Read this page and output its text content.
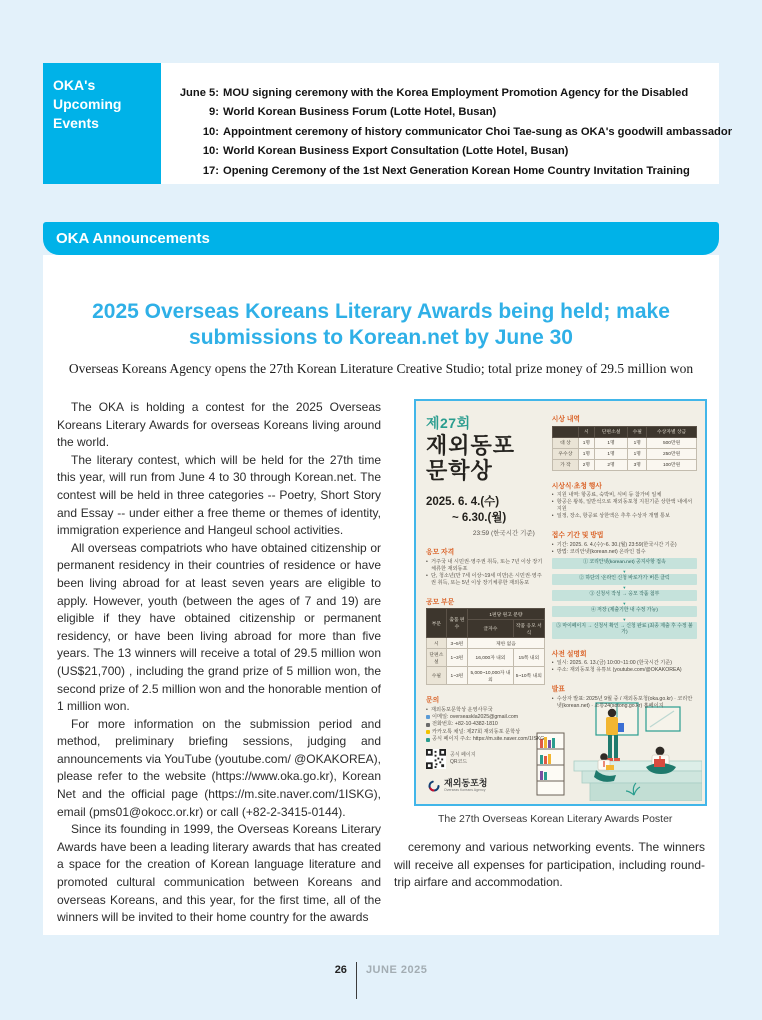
OKA's
Upcoming
Events
June 5: MOU signing ceremony with the Korea Employment Promotion Agency for the Disabled
9: World Korean Business Forum (Lotte Hotel, Busan)
10: Appointment ceremony of history communicator Choi Tae-sung as OKA's goodwill ambassador
10: World Korean Business Export Consultation (Lotte Hotel, Busan)
17: Opening Ceremony of the 1st Next Generation Korean Home Country Invitation Training
OKA Announcements
2025 Overseas Koreans Literary Awards being held; make submissions to Korean.net by June 30

Overseas Koreans Agency opens the 27th Korean Literature Creative Studio; total prize money of 29.5 million won

The OKA is holding a contest for the 2025 Overseas Koreans Literary Awards for overseas Koreans living around the world.

The literary contest, which will be held for the 27th time this year, will run from June 4 to 30 through Korean.net. The contest will be held in three categories -- Poetry, Short Story and Essay -- under either a free theme or themes of identity, immigration experience and Hangeul school activities.

All overseas compatriots who have obtained citizenship or permanent residency in their countries of residence or have been living abroad for at least seven years are eligible to apply. However, youth (between the ages of 7 and 19) are eligible if they have obtained citizenship or permanent residency, or have been living abroad for more than five years. The 13 winners will receive a total of 29.5 million won (US$21,700) , including the grand prize of 5 million won, the second prize of 2.5 million won and the honorable mention of 1 million won.

For more information on the submission period and method, preliminary briefing sessions, judging and announcements via YouTube (youtube.com/ @OKAKOREA), please refer to the website (https://www.oka.go.kr), Korean Net and the official page (https://m.site.naver.com/1ISKG), email (pms01@okocc.or.kr) or call (+82-2-3415-0144).

Since its founding in 1999, the Overseas Koreans Literary Awards have been a leading literary awards that has created a space for the creation of Korean language literature and promoted cultural communication between Koreans and overseas Koreans, and this year, for the first time, all of the winners will be invited to their home country for the awards

제27회
재외동포
문학상
2025. 6. 4.(수)
~ 6.30.(월)
23:59 (한국시간 기준)
응모 자격
• 거주국 내 시민권·영주권 취득, 또는 7년 이상 장기체류한 재외동포
• 단, 청소년(만 7세 이상~19세 미만)은 시민권·영주권 취득, 또는 5년 이상 장기체류한 재외동포
공모 부문
부문	출품 편수	1편당 원고 분량	
		글자수	작품 응모 서식
시	3~5편	제한 없음	
단편소설	1~3편	16,000자 내외	15쪽 내외
수필	1~3편	5,000~10,000자 내외	5~10쪽 내외
문의
• 재외동포문학상 운영사무국
이메일: overseaskla2025@gmail.com
전화번호: +82-10-4382-1810
카카오톡 채널: 제27회 재외동포 문학상
공식 페이지 주소: https://m.site.naver.com/1ISKG
공식 페이지
QR코드
시상 내역
	시	단편소설	수필	수상자별 상금
대 상	1명	1명	1명	500만원
우수상	1명	1명	1명	250만원
가 작	2명	2명	3명	100만원
시상식·초청 행사
• 지원 내역: 항공료, 숙박비, 식비 등 참가비 일체
• 항공은 왕복, 일반석으로 재외동포청 지원기준 상한액 내에서 지원
• 일정, 장소, 항공료 상한액은 추후 수상자 개별 통보
접수 기간 및 방법
• 기간: 2025. 6. 4.(수)~6. 30.(월) 23:59(한국시간 기준)
• 방법: 코리안넷(korean.net) 온라인 접수
① 코리안넷(korean.net) 공지사항 접속
▼
② 하단의 '온라인 신청 바로가기' 버튼 클릭
▼
③ 신청서 작성 → 응모 작품 첨부
▼
④ 저장 (제출기한 내 수정 가능)
▼
⑤ 마이페이지 → 신청서 확인 → 신청 완료 (최종 제출 후 수정 불가)
사전 설명회
• 일시: 2025. 6. 13.(금) 10:00~11:00 (한국시간 기준)
• 주소: 재외동포청 유튜브 (youtube.com/@OKAKOREA)
발표
• 수상자 발표: 2025년 9월 중 / 재외동포청(oka.go.kr) · 코리안넷(korean.net) · 소통24(sotong.go.kr) 홈페이지
재외동포청
Overseas Koreans Agency
The 27th Overseas Korean Literary Awards Poster

ceremony and various networking events. The winners will receive all expenses for participation, including round-trip airfare and accommodation.

26 JUNE 2025
